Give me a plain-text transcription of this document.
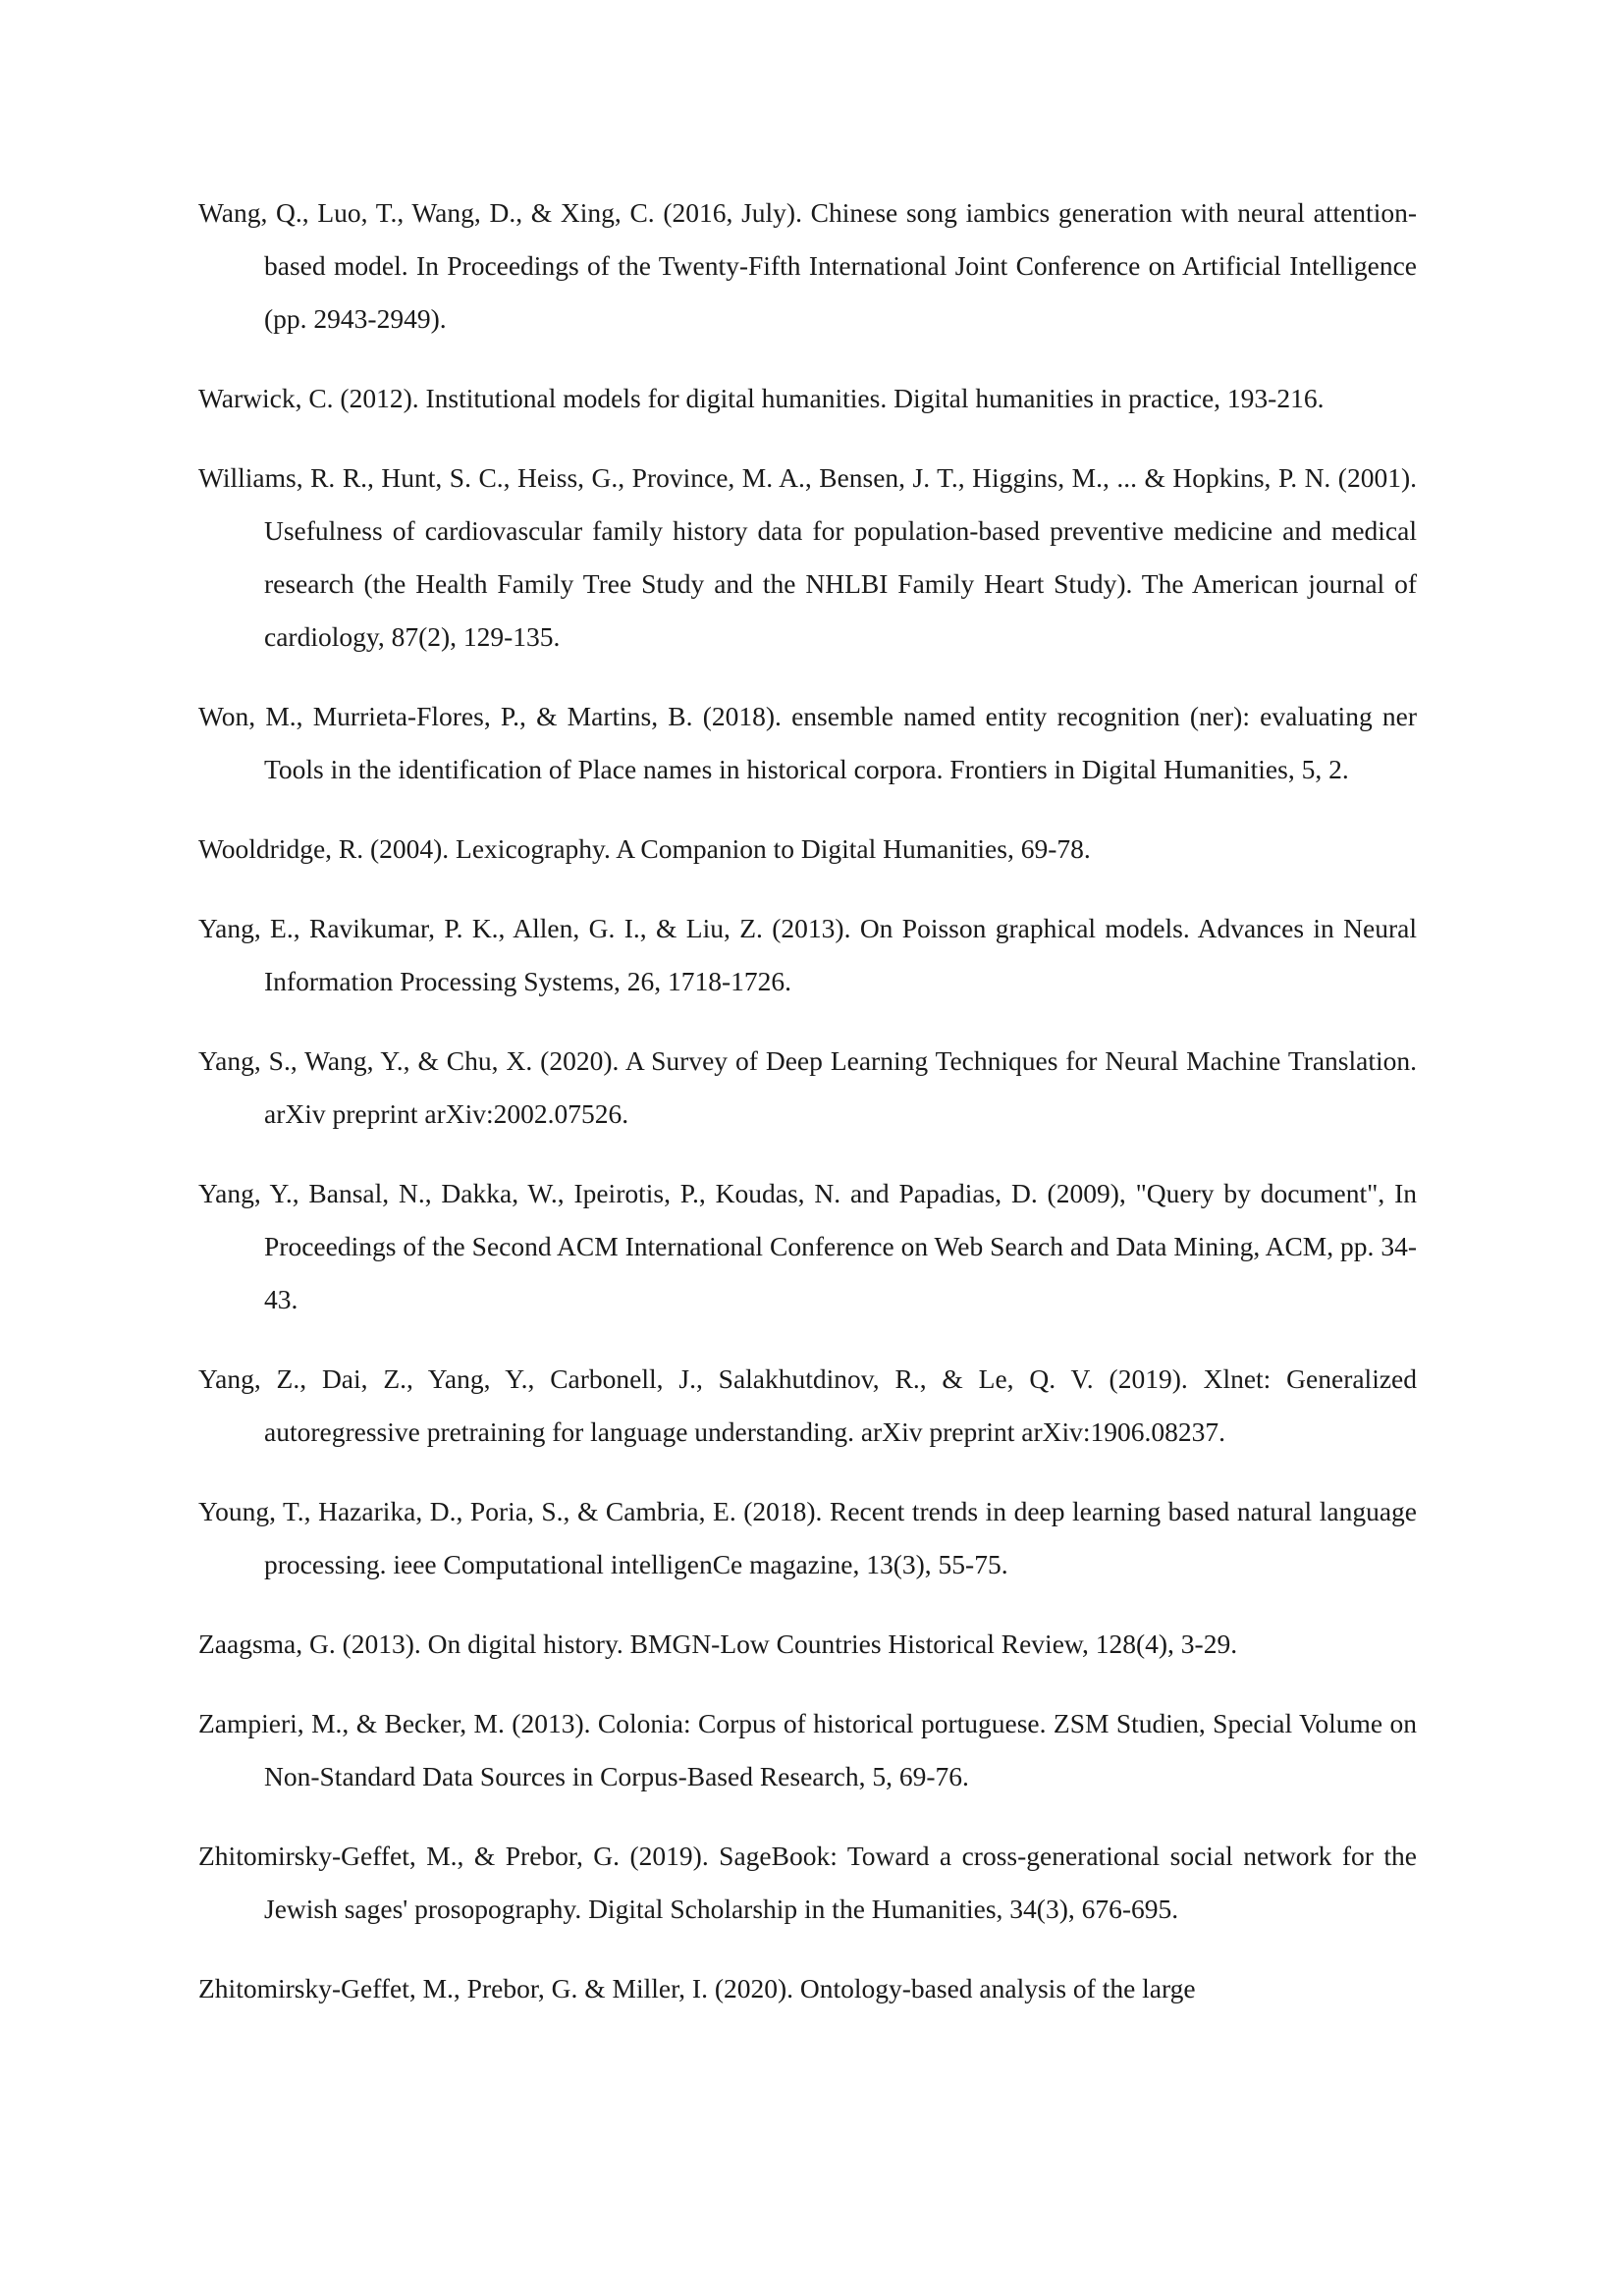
Wang, Q., Luo, T., Wang, D., & Xing, C. (2016, July). Chinese song iambics generation with neural attention-based model. In Proceedings of the Twenty-Fifth International Joint Conference on Artificial Intelligence (pp. 2943-2949).
Warwick, C. (2012). Institutional models for digital humanities. Digital humanities in practice, 193-216.
Williams, R. R., Hunt, S. C., Heiss, G., Province, M. A., Bensen, J. T., Higgins, M., ... & Hopkins, P. N. (2001). Usefulness of cardiovascular family history data for population-based preventive medicine and medical research (the Health Family Tree Study and the NHLBI Family Heart Study). The American journal of cardiology, 87(2), 129-135.
Won, M., Murrieta-Flores, P., & Martins, B. (2018). ensemble named entity recognition (ner): evaluating ner Tools in the identification of Place names in historical corpora. Frontiers in Digital Humanities, 5, 2.
Wooldridge, R. (2004). Lexicography. A Companion to Digital Humanities, 69-78.
Yang, E., Ravikumar, P. K., Allen, G. I., & Liu, Z. (2013). On Poisson graphical models. Advances in Neural Information Processing Systems, 26, 1718-1726.
Yang, S., Wang, Y., & Chu, X. (2020). A Survey of Deep Learning Techniques for Neural Machine Translation. arXiv preprint arXiv:2002.07526.
Yang, Y., Bansal, N., Dakka, W., Ipeirotis, P., Koudas, N. and Papadias, D. (2009), "Query by document", In Proceedings of the Second ACM International Conference on Web Search and Data Mining, ACM, pp. 34-43.
Yang, Z., Dai, Z., Yang, Y., Carbonell, J., Salakhutdinov, R., & Le, Q. V. (2019). Xlnet: Generalized autoregressive pretraining for language understanding. arXiv preprint arXiv:1906.08237.
Young, T., Hazarika, D., Poria, S., & Cambria, E. (2018). Recent trends in deep learning based natural language processing. ieee Computational intelligenCe magazine, 13(3), 55-75.
Zaagsma, G. (2013). On digital history. BMGN-Low Countries Historical Review, 128(4), 3-29.
Zampieri, M., & Becker, M. (2013). Colonia: Corpus of historical portuguese. ZSM Studien, Special Volume on Non-Standard Data Sources in Corpus-Based Research, 5, 69-76.
Zhitomirsky-Geffet, M., & Prebor, G. (2019). SageBook: Toward a cross-generational social network for the Jewish sages' prosopography. Digital Scholarship in the Humanities, 34(3), 676-695.
Zhitomirsky-Geffet, M., Prebor, G. & Miller, I. (2020). Ontology-based analysis of the large
